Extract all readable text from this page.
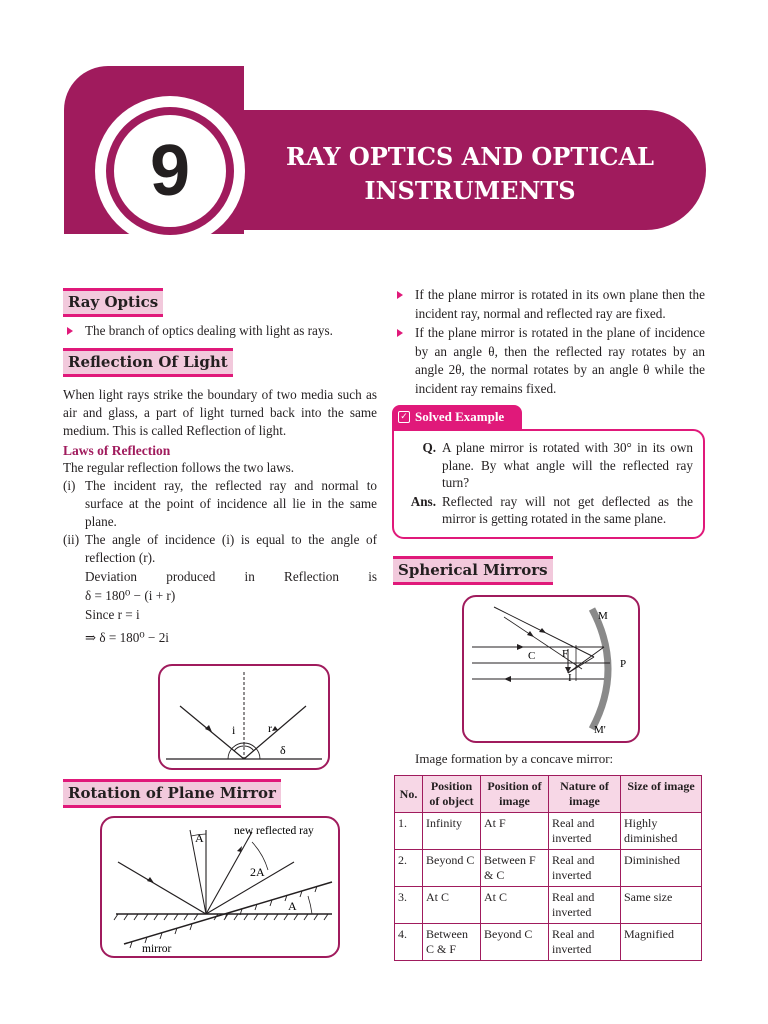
9	RAY OPTICS AND OPTICAL
INSTRUMENTS
Ray Optics
The branch of optics dealing with light as rays.
Reflection Of Light

When light rays strike the boundary of two media such as air and glass, a part of light turned back into the same medium. This is called Reflection of light.

Laws of Reflection

The regular reflection follows the two laws.

(i) The incident ray, the reflected ray and normal to surface at the point of incidence all lie in the same plane.
(ii) The angle of incidence (i) is equal to the angle of reflection (r).

Deviation produced in Reflection is

δ = 180⁰ − (i + r)

Since r = i

⇒ δ = 180⁰ − 2i

i	r
δ
Rotation of Plane Mirror
A	new reflected ray
2A
A
mirror

If the plane mirror is rotated in its own plane then the incident ray, normal and reflected ray are fixed.

If the plane mirror is rotated in the plane of incidence by an angle θ, then the reflected ray rotates by an angle 2θ, the normal rotates by an angle θ while the incident ray remains fixed.

✓ Solved Example
Q. A plane mirror is rotated with 30° in its own plane. By what angle will the reflected ray turn?
Ans. Reflected ray will not get deflected as the mirror is getting rotated in the same plane.
Spherical Mirrors
M
C F
P
I
M'

Image formation by a concave mirror:

No.	Position of object	Position of image	Nature of image	Size of image
1.	Infinity	At F	Real and inverted	Highly diminished
2.	Beyond C	Between F & C	Real and inverted	Diminished
3.	At C	At C	Real and inverted	Same size
4.	Between C & F	Beyond C	Real and inverted	Magnified
